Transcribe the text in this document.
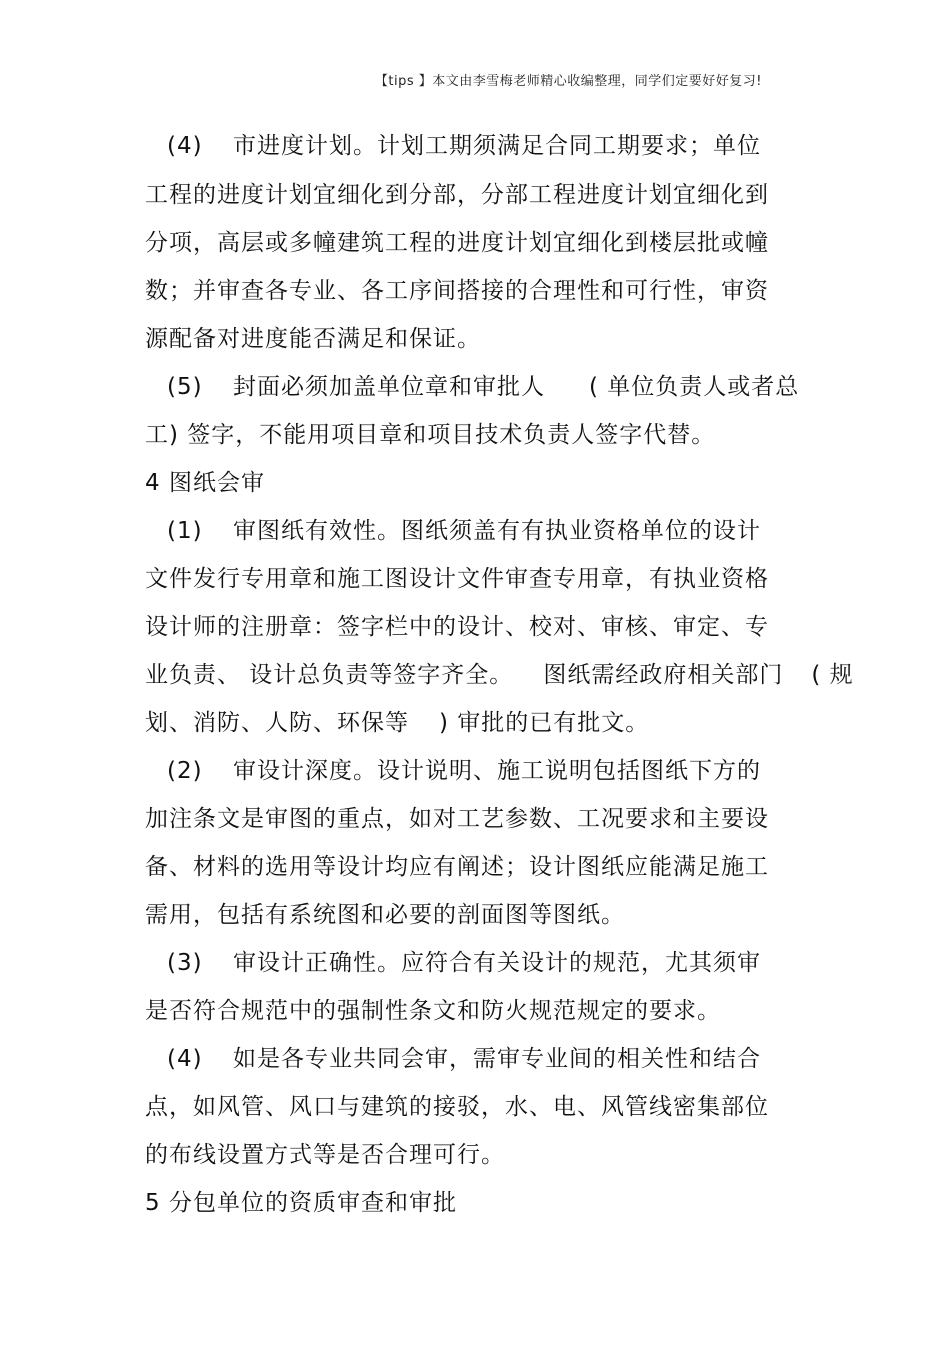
【tips 】本文由李雪梅老师精心收编整理，同学们定要好好复习!
(4) 市进度计划。计划工期须满足合同工期要求；单位
工程的进度计划宜细化到分部，分部工程进度计划宜细化到
分项，高层或多幢建筑工程的进度计划宜细化到楼层批或幢
数；并审查各专业、各工序间搭接的合理性和可行性，审资
源配备对进度能否满足和保证。
(5) 封面必须加盖单位章和审批人 ( 单位负责人或者总
工) 签字，不能用项目章和项目技术负责人签字代替。
4 图纸会审
(1) 审图纸有效性。图纸须盖有有执业资格单位的设计
文件发行专用章和施工图设计文件审查专用章，有执业资格
设计师的注册章：签字栏中的设计、校对、审核、审定、专
业负责、 设计总负责等签字齐全。 图纸需经政府相关部门 ( 规
划、消防、人防、环保等 ) 审批的已有批文。
(2) 审设计深度。设计说明、施工说明包括图纸下方的
加注条文是审图的重点，如对工艺参数、工况要求和主要设
备、材料的选用等设计均应有阐述；设计图纸应能满足施工
需用，包括有系统图和必要的剖面图等图纸。
(3) 审设计正确性。应符合有关设计的规范，尤其须审
是否符合规范中的强制性条文和防火规范规定的要求。
(4) 如是各专业共同会审，需审专业间的相关性和结合
点，如风管、风口与建筑的接驳，水、电、风管线密集部位
的布线设置方式等是否合理可行。
5 分包单位的资质审查和审批
